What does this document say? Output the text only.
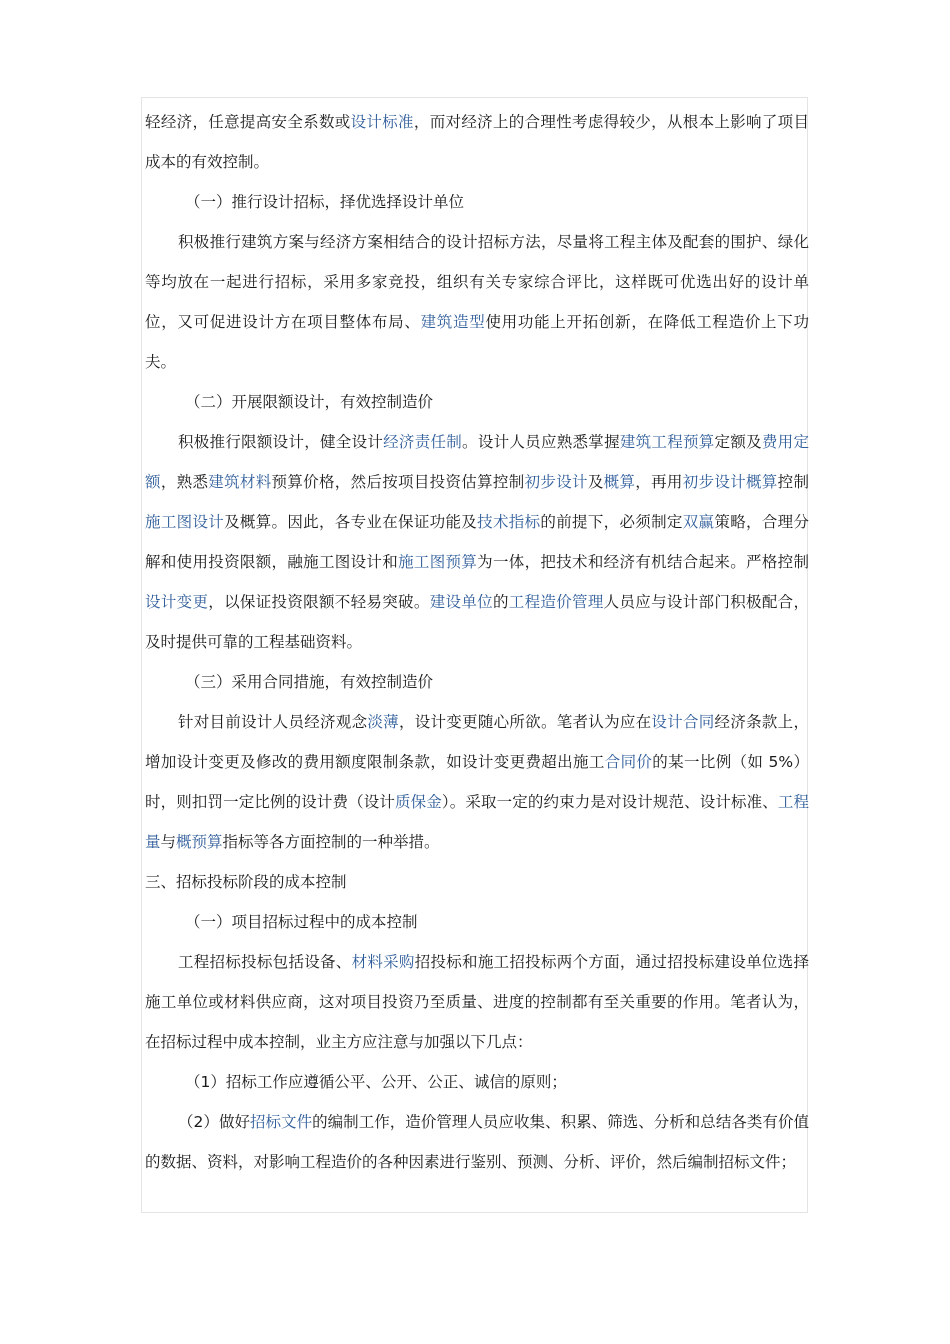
轻经济，任意提高安全系数或设计标准，而对经济上的合理性考虑得较少，从根本上影响了项目成本的有效控制。

（一）推行设计招标，择优选择设计单位

积极推行建筑方案与经济方案相结合的设计招标方法，尽量将工程主体及配套的围护、绿化等均放在一起进行招标，采用多家竞投，组织有关专家综合评比，这样既可优选出好的设计单位，又可促进设计方在项目整体布局、建筑造型使用功能上开拓创新，在降低工程造价上下功夫。

（二）开展限额设计，有效控制造价

积极推行限额设计，健全设计经济责任制。设计人员应熟悉掌握建筑工程预算定额及费用定额，熟悉建筑材料预算价格，然后按项目投资估算控制初步设计及概算，再用初步设计概算控制施工图设计及概算。因此，各专业在保证功能及技术指标的前提下，必须制定双赢策略，合理分解和使用投资限额，融施工图设计和施工图预算为一体，把技术和经济有机结合起来。严格控制设计变更，以保证投资限额不轻易突破。建设单位的工程造价管理人员应与设计部门积极配合，及时提供可靠的工程基础资料。

（三）采用合同措施，有效控制造价

针对目前设计人员经济观念淡薄，设计变更随心所欲。笔者认为应在设计合同经济条款上，增加设计变更及修改的费用额度限制条款，如设计变更费超出施工合同价的某一比例（如 5%）时，则扣罚一定比例的设计费（设计质保金）。采取一定的约束力是对设计规范、设计标准、工程量与概预算指标等各方面控制的一种举措。

三、招标投标阶段的成本控制

（一）项目招标过程中的成本控制

工程招标投标包括设备、材料采购招投标和施工招投标两个方面，通过招投标建设单位选择施工单位或材料供应商，这对项目投资乃至质量、进度的控制都有至关重要的作用。笔者认为，在招标过程中成本控制，业主方应注意与加强以下几点：

（1）招标工作应遵循公平、公开、公正、诚信的原则；

（2）做好招标文件的编制工作，造价管理人员应收集、积累、筛选、分析和总结各类有价值的数据、资料，对影响工程造价的各种因素进行鉴别、预测、分析、评价，然后编制招标文件；
